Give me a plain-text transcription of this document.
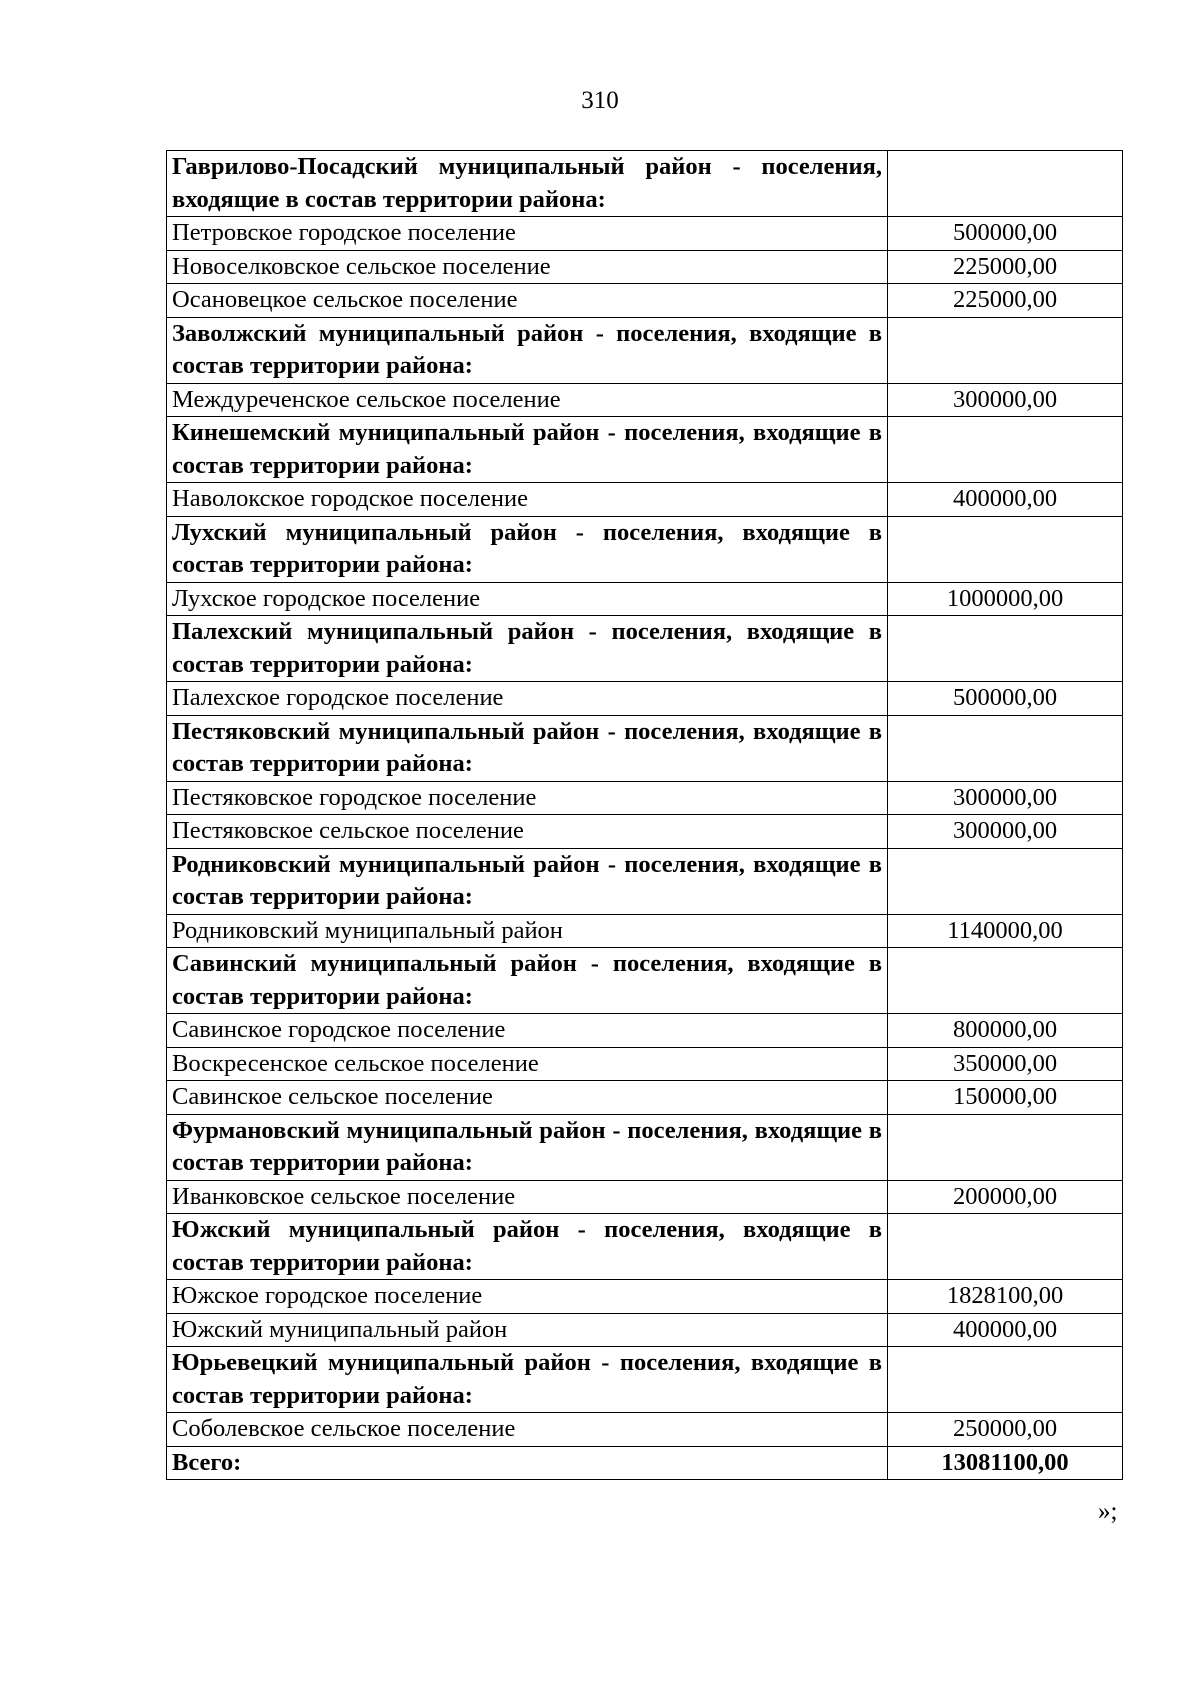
310
Гаврилово-Посадский муниципальный район - поселения, входящие в состав территории района:	
Петровское городское поселение	500000,00
Новоселковское сельское поселение	225000,00
Осановецкое сельское поселение	225000,00
Заволжский муниципальный район - поселения, входящие в состав территории района:	
Междуреченское сельское поселение	300000,00
Кинешемский муниципальный район - поселения, входящие в состав территории района:	
Наволокское городское поселение	400000,00
Лухский муниципальный район - поселения, входящие в состав территории района:	
Лухское городское поселение	1000000,00
Палехский муниципальный район - поселения, входящие в состав территории района:	
Палехское городское поселение	500000,00
Пестяковский муниципальный район - поселения, входящие в состав территории района:	
Пестяковское городское поселение	300000,00
Пестяковское сельское поселение	300000,00
Родниковский муниципальный район - поселения, входящие в состав территории района:	
Родниковский муниципальный район	1140000,00
Савинский муниципальный район - поселения, входящие в состав территории района:	
Савинское городское поселение	800000,00
Воскресенское сельское поселение	350000,00
Савинское сельское поселение	150000,00
Фурмановский муниципальный район - поселения, входящие в состав территории района:	
Иванковское сельское поселение	200000,00
Южский муниципальный район - поселения, входящие в состав территории района:	
Южское городское поселение	1828100,00
Южский муниципальный район	400000,00
Юрьевецкий муниципальный район - поселения, входящие в состав территории района:	
Соболевское сельское поселение	250000,00
Всего:	13081100,00
»;
